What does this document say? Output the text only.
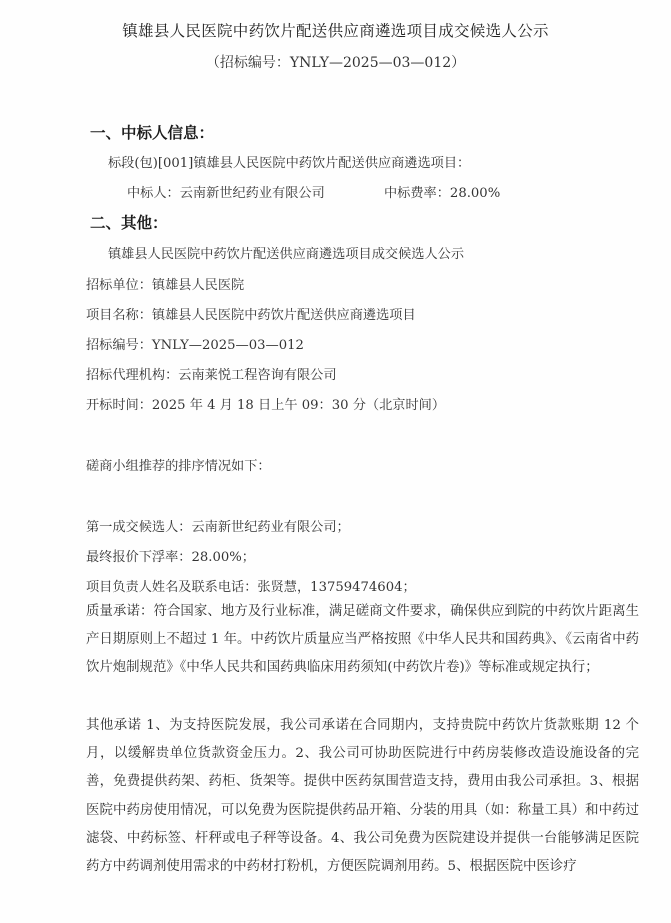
镇雄县人民医院中药饮片配送供应商遴选项目成交候选人公示
（招标编号：YNLY—2025—03—012）
一、中标人信息：
标段(包)[001]镇雄县人民医院中药饮片配送供应商遴选项目：
中标人：云南新世纪药业有限公司	中标费率：28.00%
二、其他：
镇雄县人民医院中药饮片配送供应商遴选项目成交候选人公示
招标单位：镇雄县人民医院
项目名称：镇雄县人民医院中药饮片配送供应商遴选项目
招标编号：YNLY—2025—03—012
招标代理机构：云南莱悦工程咨询有限公司
开标时间：2025 年 4 月 18 日上午 09：30 分（北京时间）
磋商小组推荐的排序情况如下：
第一成交候选人：云南新世纪药业有限公司；
最终报价下浮率：28.00%；
项目负责人姓名及联系电话：张贤慧，13759474604；
质量承诺：符合国家、地方及行业标准，满足磋商文件要求，确保供应到院的中药饮片距离生产日期原则上不超过 1 年。中药饮片质量应当严格按照《中华人民共和国药典》、《云南省中药饮片炮制规范》《中华人民共和国药典临床用药须知(中药饮片卷)》等标准或规定执行；
其他承诺 1、为支持医院发展，我公司承诺在合同期内，支持贵院中药饮片货款账期 12 个月，以缓解贵单位货款资金压力。2、我公司可协助医院进行中药房装修改造设施设备的完善，免费提供药架、药柜、货架等。提供中医药氛围营造支持，费用由我公司承担。3、根据医院中药房使用情况，可以免费为医院提供药品开箱、分装的用具（如：称量工具）和中药过滤袋、中药标签、杆秤或电子秤等设备。4、我公司免费为医院建设并提供一台能够满足医院药方中药调剂使用需求的中药材打粉机，方便医院调剂用药。5、根据医院中医诊疗
